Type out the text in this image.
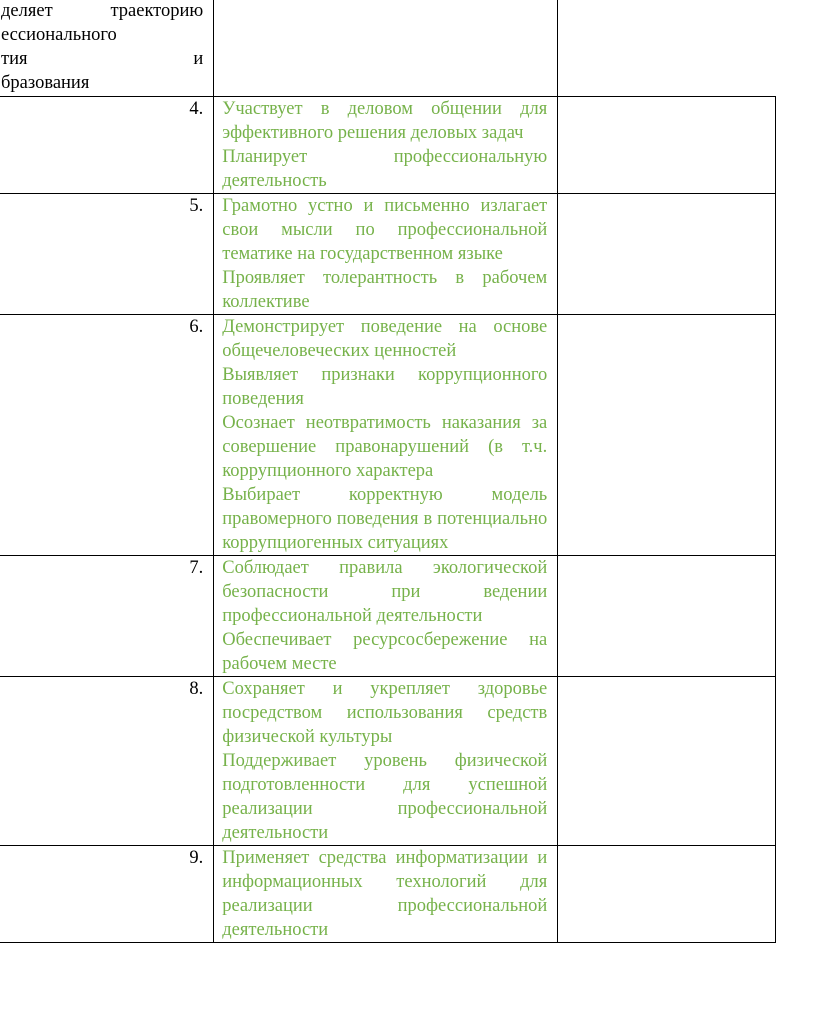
деляет траекторию
ессионального
тия и
бразования		

4.	Участвует в деловом общении для эффективного решения деловых задач
Планирует профессиональную деятельность	

5.	Грамотно устно и письменно излагает свои мысли по профессиональной тематике на государственном языке
Проявляет толерантность в рабочем коллективе	

6.	Демонстрирует поведение на основе общечеловеческих ценностей
Выявляет признаки коррупционного поведения
Осознает неотвратимость наказания за совершение правонарушений (в т.ч. коррупционного характера
Выбирает корректную модель правомерного поведения в потенциально коррупциогенных ситуациях	

7.	Соблюдает правила экологической безопасности при ведении профессиональной деятельности
Обеспечивает ресурсосбережение на рабочем месте	

8.	Сохраняет и укрепляет здоровье посредством использования средств физической культуры
Поддерживает уровень физической подготовленности для успешной реализации профессиональной деятельности	

9.	Применяет средства информатизации и информационных технологий для реализации профессиональной деятельности	
